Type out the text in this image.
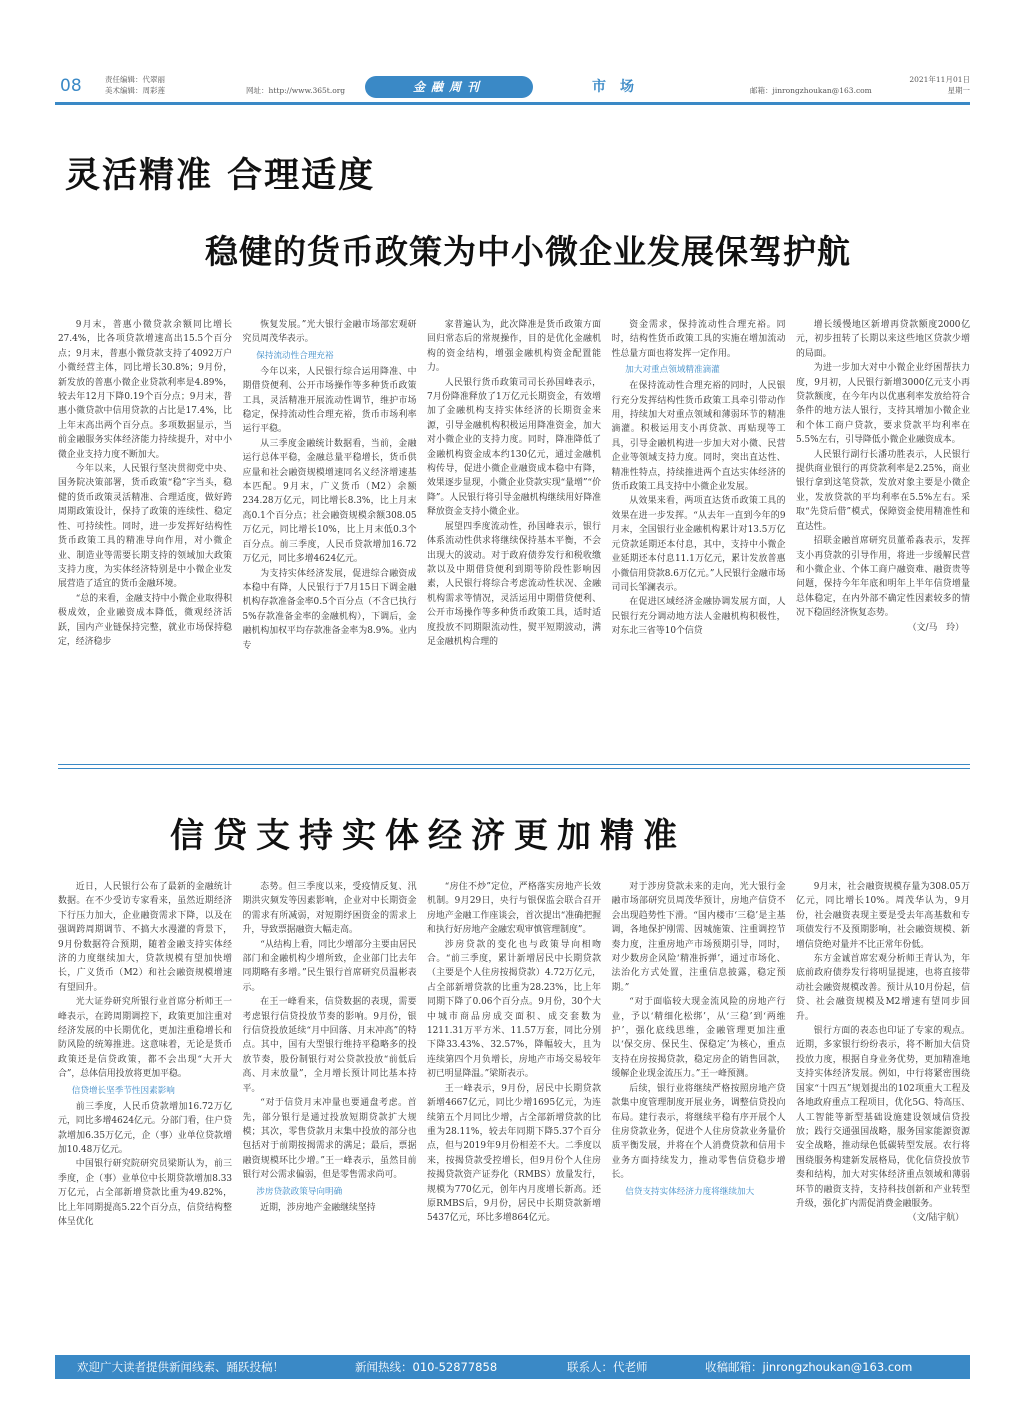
08	责任编辑：代翠丽
美术编辑：周彩莲	网址：http://www.365t.org	金融周刊	市场	邮箱：jinrongzhoukan@163.com
2021年11月01日
星期一
灵活精准 合理适度
稳健的货币政策为中小微企业发展保驾护航

9月末，普惠小微贷款余额同比增长27.4%，比各项贷款增速高出15.5个百分点；9月末，普惠小微贷款支持了4092万户小微经营主体，同比增长30.8%；9月份，新发放的普惠小微企业贷款利率是4.89%，较去年12月下降0.19个百分点；9月末，普惠小微贷款中信用贷款的占比是17.4%，比上年末高出两个百分点。多项数据显示，当前金融服务实体经济能力持续提升，对中小微企业支持力度不断加大。

今年以来，人民银行坚决贯彻党中央、国务院决策部署，货币政策“稳”字当头，稳健的货币政策灵活精准、合理适度，做好跨周期政策设计，保持了政策的连续性、稳定性、可持续性。同时，进一步发挥好结构性货币政策工具的精准导向作用，对小微企业、制造业等需要长期支持的领域加大政策支持力度，为实体经济特别是中小微企业发展营造了适宜的货币金融环境。

“总的来看，金融支持中小微企业取得积极成效，企业融资成本降低，微观经济活跃，国内产业链保持完整，就业市场保持稳定，经济稳步

恢复发展。”光大银行金融市场部宏观研究员周茂华表示。

保持流动性合理充裕

今年以来，人民银行综合运用降准、中期借贷便利、公开市场操作等多种货币政策工具，灵活精准开展流动性调节，维护市场稳定，保持流动性合理充裕，货币市场利率运行平稳。

从三季度金融统计数据看，当前，金融运行总体平稳，金融总量平稳增长，货币供应量和社会融资规模增速同名义经济增速基本匹配。9月末，广义货币（M2）余额234.28万亿元，同比增长8.3%，比上月末高0.1个百分点；社会融资规模余额308.05万亿元，同比增长10%，比上月末低0.3个百分点。前三季度，人民币贷款增加16.72万亿元，同比多增4624亿元。

为支持实体经济发展，促进综合融资成本稳中有降，人民银行于7月15日下调金融机构存款准备金率0.5个百分点（不含已执行5%存款准备金率的金融机构），下调后，金融机构加权平均存款准备金率为8.9%。业内专

家普遍认为，此次降准是货币政策方面回归常态后的常规操作，目的是优化金融机构的资金结构，增强金融机构资金配置能力。

人民银行货币政策司司长孙国峰表示，7月份降准释放了1万亿元长期资金，有效增加了金融机构支持实体经济的长期资金来源，引导金融机构积极运用降准资金，加大对小微企业的支持力度。同时，降准降低了金融机构资金成本约130亿元，通过金融机构传导，促进小微企业融资成本稳中有降，效果逐步显现，小微企业贷款实现“量增”“价降”。人民银行将引导金融机构继续用好降准释放资金支持小微企业。

展望四季度流动性，孙国峰表示，银行体系流动性供求将继续保持基本平衡，不会出现大的波动。对于政府债券发行和税收缴款以及中期借贷便利到期等阶段性影响因素，人民银行将综合考虑流动性状况、金融机构需求等情况，灵活运用中期借贷便利、公开市场操作等多种货币政策工具，适时适度投放不同期限流动性，熨平短期波动，满足金融机构合理的

资金需求，保持流动性合理充裕。同时，结构性货币政策工具的实施在增加流动性总量方面也将发挥一定作用。

加大对重点领域精准滴灌

在保持流动性合理充裕的同时，人民银行充分发挥结构性货币政策工具牵引带动作用，持续加大对重点领域和薄弱环节的精准滴灌。积极运用支小再贷款、再贴现等工具，引导金融机构进一步加大对小微、民营企业等领域支持力度。同时，突出直达性、精准性特点，持续推进两个直达实体经济的货币政策工具支持中小微企业发展。

从效果来看，两项直达货币政策工具的效果在进一步发挥。“从去年一直到今年的9月末，全国银行业金融机构累计对13.5万亿元贷款延期还本付息，其中，支持中小微企业延期还本付息11.1万亿元，累计发放普惠小微信用贷款8.6万亿元。”人民银行金融市场司司长邹澜表示。

在促进区域经济金融协调发展方面，人民银行充分调动地方法人金融机构积极性，对东北三省等10个信贷

增长缓慢地区新增再贷款额度2000亿元，初步扭转了长期以来这些地区贷款少增的局面。

为进一步加大对中小微企业纾困帮扶力度，9月初，人民银行新增3000亿元支小再贷款额度，在今年内以优惠利率发放给符合条件的地方法人银行，支持其增加小微企业和个体工商户贷款，要求贷款平均利率在5.5%左右，引导降低小微企业融资成本。

人民银行副行长潘功胜表示，人民银行提供商业银行的再贷款利率是2.25%，商业银行拿到这笔贷款，发放对象主要是小微企业，发放贷款的平均利率在5.5%左右。采取“先贷后借”模式，保障资金使用精准性和直达性。

招联金融首席研究员董希淼表示，发挥支小再贷款的引导作用，将进一步缓解民营和小微企业、个体工商户融资难、融资贵等问题，保持今年年底和明年上半年信贷增量总体稳定，在内外部不确定性因素较多的情况下稳固经济恢复态势。

（文/马　玲）
信贷支持实体经济更加精准

近日，人民银行公布了最新的金融统计数据。在不少受访专家看来，虽然近期经济下行压力加大，企业融资需求下降，以及在强调跨周期调节、不搞大水漫灌的背景下，9月份数据符合预期，随着金融支持实体经济的力度继续加大，贷款规模有望加快增长，广义货币（M2）和社会融资规模增速有望回升。

光大证券研究所银行业首席分析师王一峰表示，在跨周期调控下，政策更加注重对经济发展的中长期优化，更加注重稳增长和防风险的统筹推进。这意味着，无论是货币政策还是信贷政策，都不会出现“大开大合”，总体信用投放将更加平稳。

信贷增长坚季节性因素影响

前三季度，人民币贷款增加16.72万亿元，同比多增4624亿元。分部门看，住户贷款增加6.35万亿元，企（事）业单位贷款增加10.48万亿元。

中国银行研究院研究员梁斯认为，前三季度，企（事）业单位中长期贷款增加8.33万亿元，占全部新增贷款比重为49.82%，比上年同期提高5.22个百分点，信贷结构整体呈优化

态势。但三季度以来，受疫情反复、汛期洪灾频发等因素影响，企业对中长期资金的需求有所减弱，对短期纾困资金的需求上升，导致票据融资大幅走高。

“从结构上看，同比少增部分主要由居民部门和金融机构少增所致，企业部门比去年同期略有多增。”民生银行首席研究员温彬表示。

在王一峰看来，信贷数据的表现，需要考虑银行信贷投放节奏的影响。9月份，银行信贷投放延续“月中回落、月末冲高”的特点。其中，国有大型银行维持平稳略多的投放节奏，股份制银行对公贷款投放“前低后高、月末放量”，全月增长预计同比基本持平。

“对于信贷月末冲量也要通盘考虑。首先，部分银行是通过投放短期贷款扩大规模；其次，零售贷款月末集中投放的部分也包括对于前期按揭需求的满足；最后，票据融资规模环比少增。”王一峰表示，虽然目前银行对公需求偏弱，但是零售需求尚可。

涉房贷款政策导向明确

近期，涉房地产金融继续坚持

“房住不炒”定位，严格落实房地产长效机制。9月29日，央行与银保监会联合召开房地产金融工作座谈会，首次提出“准确把握和执行好房地产金融宏观审慎管理制度”。

涉房贷款的变化也与政策导向相吻合。“前三季度，累计新增居民中长期贷款（主要是个人住房按揭贷款）4.72万亿元，占全部新增贷款的比重为28.23%，比上年同期下降了0.06个百分点。9月份，30个大中城市商品房成交面积、成交套数为1211.31万平方米、11.57万套，同比分别下降33.43%、32.57%，降幅较大，且为连续第四个月负增长，房地产市场交易较年初已明显降温。”梁斯表示。

王一峰表示，9月份，居民中长期贷款新增4667亿元，同比少增1695亿元，为连续第五个月同比少增，占全部新增贷款的比重为28.11%，较去年同期下降5.37个百分点，但与2019年9月份相差不大。二季度以来，按揭贷款受控增长，但9月份个人住房按揭贷款资产证券化（RMBS）放量发行，规模为770亿元，创年内月度增长新高。还原RMBS后，9月份，居民中长期贷款新增5437亿元，环比多增864亿元。

对于涉房贷款未来的走向，光大银行金融市场部研究员周茂华预计，房地产信贷不会出现趋势性下滑。“国内楼市‘三稳’是主基调，各地保护刚需、因城施策、注重调控节奏力度，注重房地产市场预期引导，同时，对少数房企风险‘精准拆弹’，通过市场化、法治化方式处置，注重信息披露，稳定预期。”

“对于面临较大现金流风险的房地产行业，予以‘精细化松绑’，从‘三稳’到‘两维护’，强化底线思维，金融管理更加注重以‘保交房、保民生、保稳定’为核心，重点支持在房按揭贷款，稳定房企的销售回款，缓解企业现金流压力。”王一峰预测。

后续，银行业将继续严格按照房地产贷款集中度管理制度开展业务，调整信贷投向布局。建行表示，将继续平稳有序开展个人住房贷款业务，促进个人住房贷款业务量价质平衡发展，并将在个人消费贷款和信用卡业务方面持续发力，推动零售信贷稳步增长。

信贷支持实体经济力度将继续加大

9月末，社会融资规模存量为308.05万亿元，同比增长10%。周茂华认为，9月份，社会融资表现主要是受去年高基数和专项债发行不及预期影响，社会融资规模、新增信贷绝对量并不比正常年份低。

东方金诚首席宏观分析师王青认为，年底前政府债券发行将明显提速，也将直接带动社会融资规模改善。预计从10月份起，信贷、社会融资规模及M2增速有望同步回升。

银行方面的表态也印证了专家的观点。近期，多家银行纷纷表示，将不断加大信贷投放力度，根据自身业务优势，更加精准地支持实体经济发展。例如，中行将紧密围绕国家“十四五”规划提出的102项重大工程及各地政府重点工程项目，优化5G、特高压、人工智能等新型基础设施建设领域信贷投放；践行交通强国战略，服务国家能源资源安全战略，推动绿色低碳转型发展。农行将围绕服务构建新发展格局，优化信贷投放节奏和结构，加大对实体经济重点领域和薄弱环节的融资支持，支持科技创新和产业转型升级，强化扩内需促消费金融服务。

（文/陆宇航）
欢迎广大读者提供新闻线索、踊跃投稿！	新闻热线：010-52877858	联系人：代老师	收稿邮箱：jinrongzhoukan@163.com
